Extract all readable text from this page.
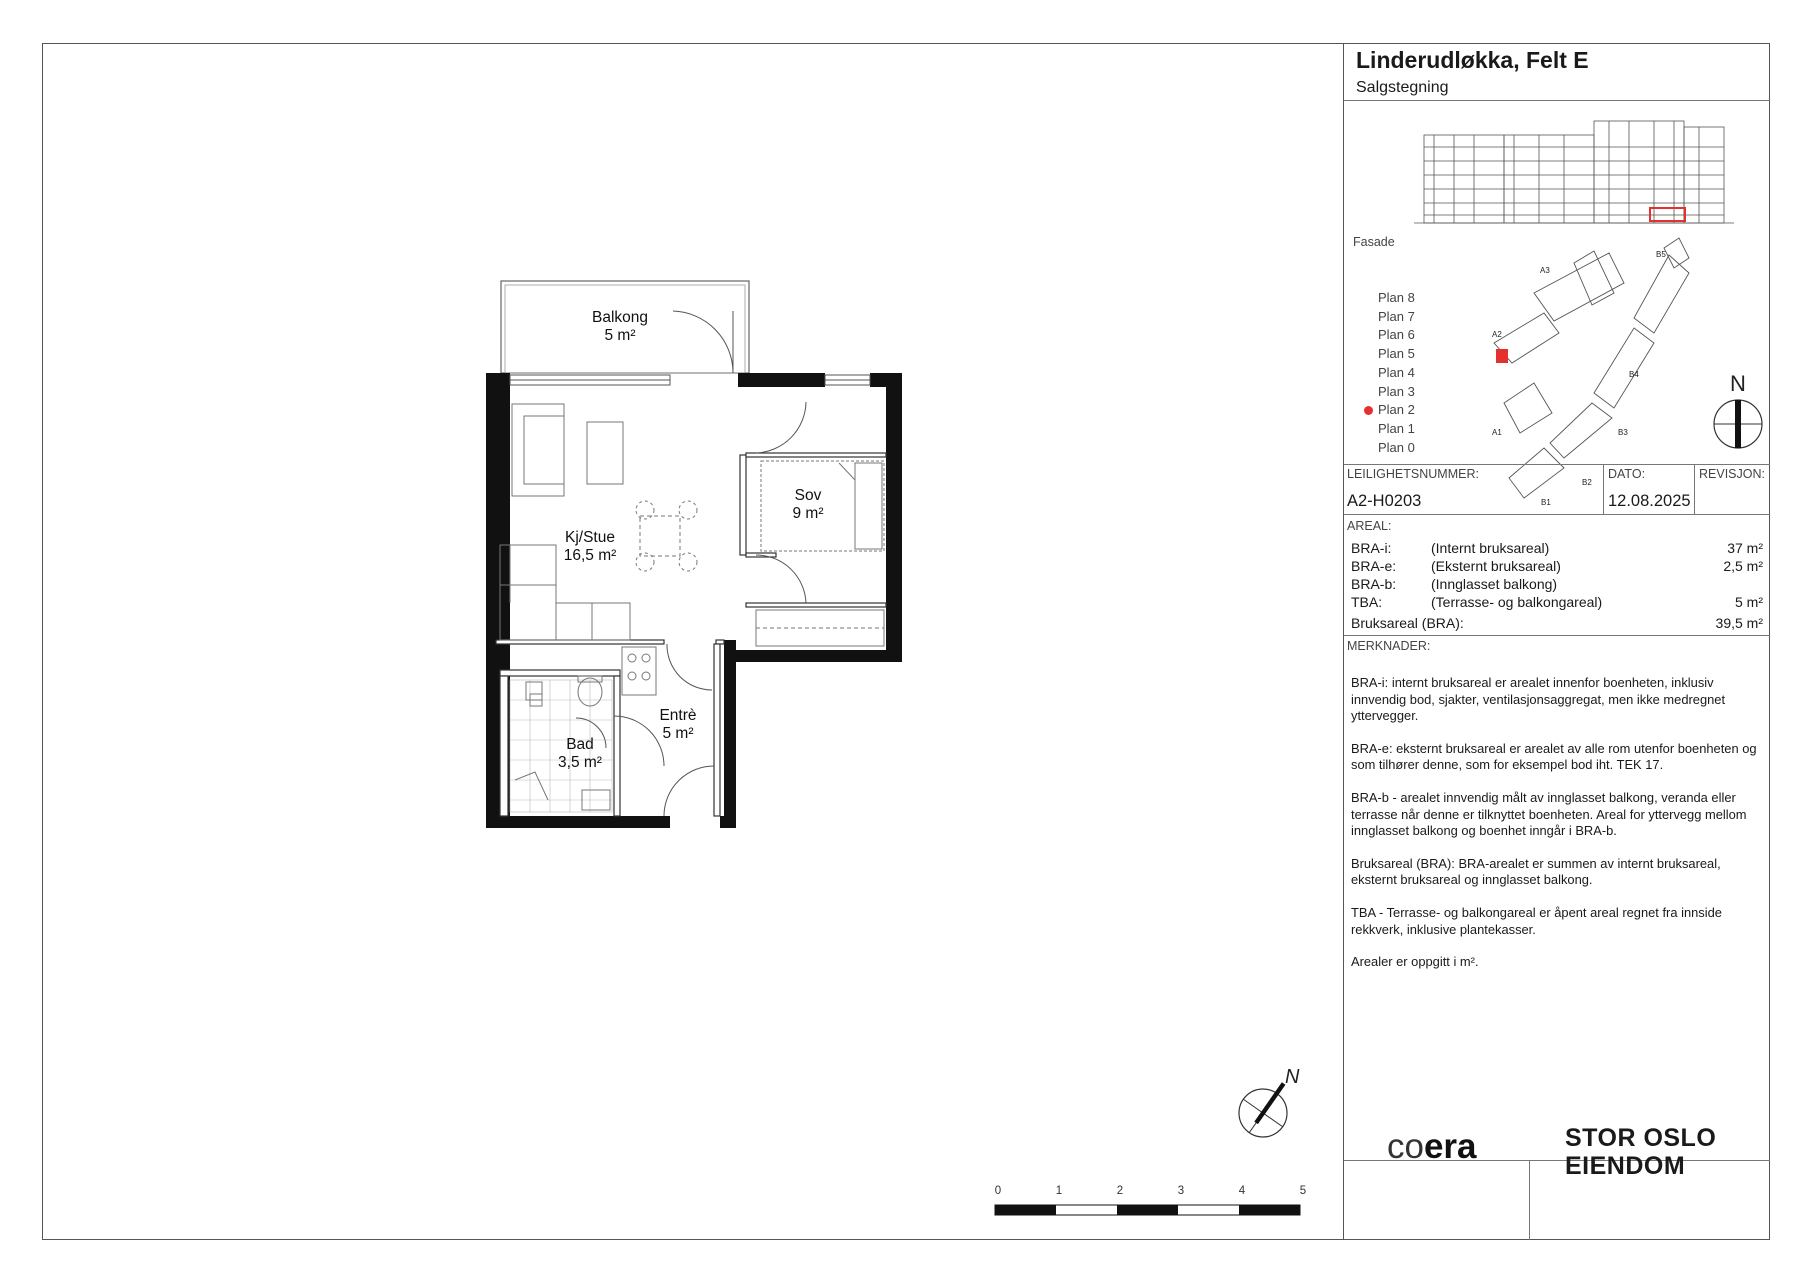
Balkong
5 m²
Kj/Stue
16,5 m²
Sov
9 m²
Entrè
5 m²
Bad
3,5 m²
N
0	1	2	3	4	5
Linderudløkka, Felt E
Salgstegning
Fasade
Plan 8
Plan 7
Plan 6
Plan 5
Plan 4
Plan 3
Plan 2
Plan 1
Plan 0
A2
A1
A3
B1
B2
B3
B4
B5
N
LEILIGHETSNUMMER:
A2-H0203
DATO:
12.08.2025
REVISJON:
AREAL:
BRA-i:	(Internt bruksareal)	37 m²
BRA-e: (Eksternt bruksareal)	2,5 m²
BRA-b: (Innglasset balkong)
TBA:	(Terrasse- og balkongareal)	5 m²
Bruksareal (BRA):	39,5 m²
MERKNADER:

BRA-i: internt bruksareal er arealet innenfor boenheten, inklusiv innvendig bod, sjakter, ventilasjonsaggregat, men ikke medregnet yttervegger.

BRA-e: eksternt bruksareal er arealet av alle rom utenfor boenheten og som tilhører denne, som for eksempel bod iht. TEK 17.

BRA-b - arealet innvendig målt av innglasset balkong, veranda eller terrasse når denne er tilknyttet boenheten. Areal for yttervegg mellom innglasset balkong og boenhet inngår i BRA-b.

Bruksareal (BRA): BRA-arealet er summen av internt bruksareal, eksternt bruksareal og innglasset balkong.

TBA - Terrasse- og balkongareal er åpent areal regnet fra innside rekkverk, inklusive plantekasser.

Arealer er oppgitt i m².

coera	STOR OSLO
EIENDOM
